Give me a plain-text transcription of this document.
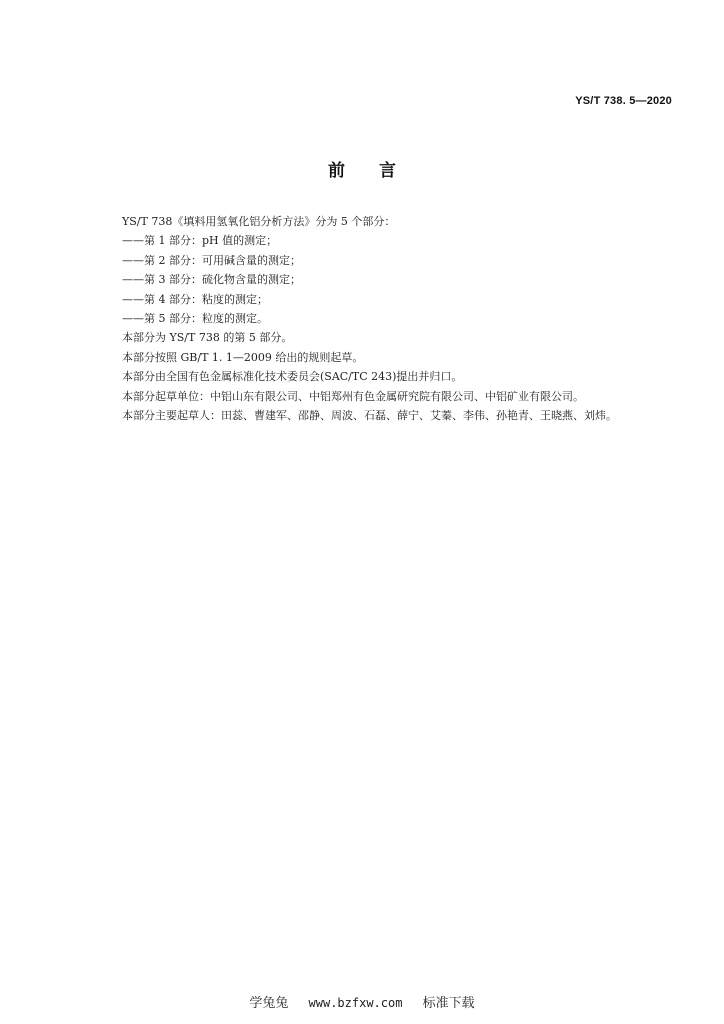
YS/T 738. 5—2020
前言
YS/T 738《填料用氢氧化铝分析方法》分为 5 个部分：
——第 1 部分：pH 值的测定；
——第 2 部分：可用碱含量的测定；
——第 3 部分：硫化物含量的测定；
——第 4 部分：粘度的测定；
——第 5 部分：粒度的测定。
本部分为 YS/T 738 的第 5 部分。
本部分按照 GB/T 1. 1—2009 给出的规则起草。
本部分由全国有色金属标准化技术委员会(SAC/TC 243)提出并归口。
本部分起草单位：中铝山东有限公司、中铝郑州有色金属研究院有限公司、中铝矿业有限公司。
本部分主要起草人：田蕊、曹建军、邵静、周波、石磊、薛宁、艾蓁、李伟、孙艳青、王晓燕、刘炜。
学兔兔 www.bzfxw.com 标准下载
